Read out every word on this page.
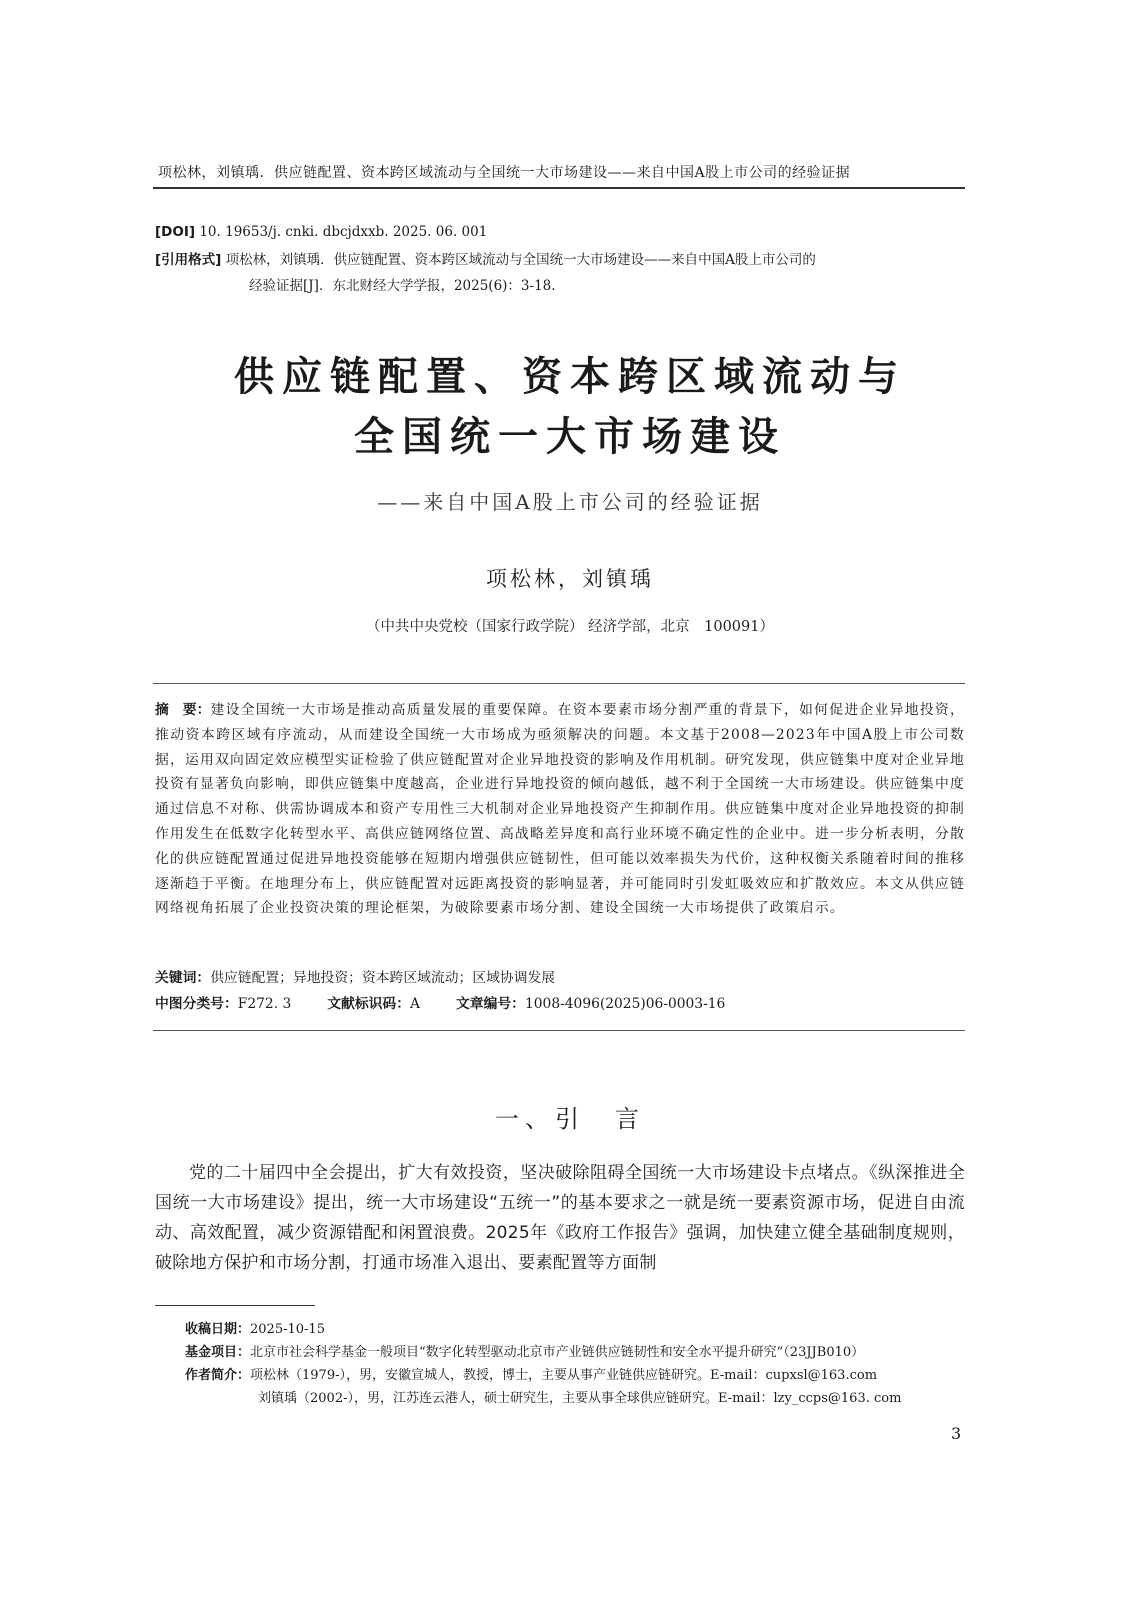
项松林，刘镇瑀．供应链配置、资本跨区域流动与全国统一大市场建设——来自中国A股上市公司的经验证据
[DOI] 10. 19653/j. cnki. dbcjdxxb. 2025. 06. 001
[引用格式] 项松林，刘镇瑀．供应链配置、资本跨区域流动与全国统一大市场建设——来自中国A股上市公司的
经验证据[J]．东北财经大学学报，2025(6)：3-18.
供应链配置、资本跨区域流动与
全国统一大市场建设
——来自中国A股上市公司的经验证据
项松林，刘镇瑀
（中共中央党校（国家行政学院） 经济学部，北京　100091）
摘　要：建设全国统一大市场是推动高质量发展的重要保障。在资本要素市场分割严重的背景下，如何促进企业异地投资，推动资本跨区域有序流动，从而建设全国统一大市场成为亟须解决的问题。本文基于2008—2023年中国A股上市公司数据，运用双向固定效应模型实证检验了供应链配置对企业异地投资的影响及作用机制。研究发现，供应链集中度对企业异地投资有显著负向影响，即供应链集中度越高，企业进行异地投资的倾向越低，越不利于全国统一大市场建设。供应链集中度通过信息不对称、供需协调成本和资产专用性三大机制对企业异地投资产生抑制作用。供应链集中度对企业异地投资的抑制作用发生在低数字化转型水平、高供应链网络位置、高战略差异度和高行业环境不确定性的企业中。进一步分析表明，分散化的供应链配置通过促进异地投资能够在短期内增强供应链韧性，但可能以效率损失为代价，这种权衡关系随着时间的推移逐渐趋于平衡。在地理分布上，供应链配置对远距离投资的影响显著，并可能同时引发虹吸效应和扩散效应。本文从供应链网络视角拓展了企业投资决策的理论框架，为破除要素市场分割、建设全国统一大市场提供了政策启示。
关键词：供应链配置；异地投资；资本跨区域流动；区域协调发展
中图分类号：F272. 3	文献标识码：A	文章编号：1008-4096(2025)06-0003-16
一、引　言
党的二十届四中全会提出，扩大有效投资，坚决破除阻碍全国统一大市场建设卡点堵点。《纵深推进全国统一大市场建设》提出，统一大市场建设“五统一”的基本要求之一就是统一要素资源市场，促进自由流动、高效配置，减少资源错配和闲置浪费。2025年《政府工作报告》强调，加快建立健全基础制度规则，破除地方保护和市场分割，打通市场准入退出、要素配置等方面制
收稿日期：2025-10-15
基金项目：北京市社会科学基金一般项目“数字化转型驱动北京市产业链供应链韧性和安全水平提升研究”（23JJB010）
作者简介：项松林（1979-），男，安徽宣城人，教授，博士，主要从事产业链供应链研究。E-mail：cupxsl@163.com
刘镇瑀（2002-），男，江苏连云港人，硕士研究生，主要从事全球供应链研究。E-mail：lzy_ccps@163. com
3
